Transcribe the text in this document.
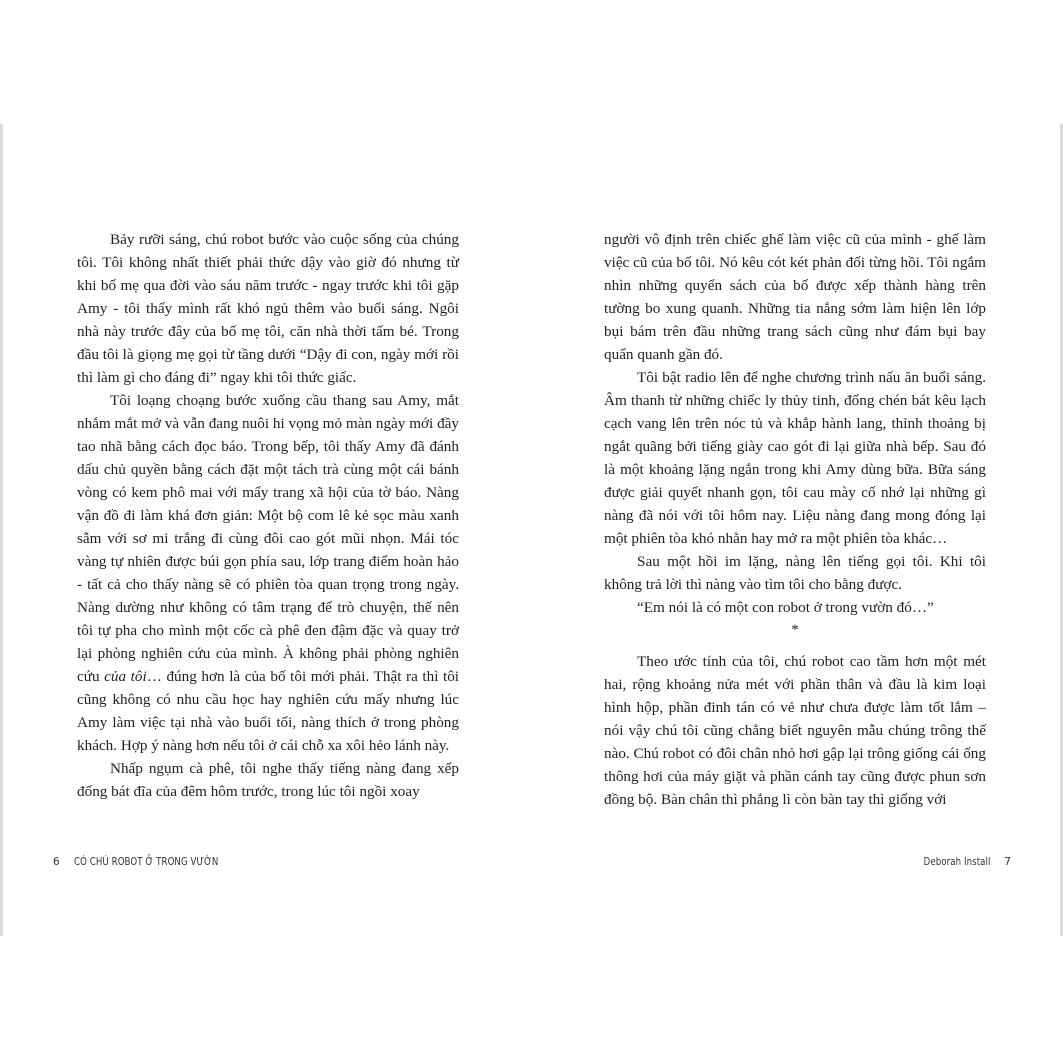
Bảy rưỡi sáng, chú robot bước vào cuộc sống của chúng tôi. Tôi không nhất thiết phải thức dậy vào giờ đó nhưng từ khi bố mẹ qua đời vào sáu năm trước - ngay trước khi tôi gặp Amy - tôi thấy mình rất khó ngủ thêm vào buổi sáng. Ngôi nhà này trước đây của bố mẹ tôi, căn nhà thời tấm bé. Trong đầu tôi là giọng mẹ gọi từ tầng dưới “Dậy đi con, ngày mới rồi thì làm gì cho đáng đi” ngay khi tôi thức giấc.

Tôi loạng choạng bước xuống cầu thang sau Amy, mắt nhắm mắt mở và vẫn đang nuôi hi vọng mỏ màn ngày mới đầy tao nhã bằng cách đọc báo. Trong bếp, tôi thấy Amy đã đánh dấu chủ quyền bằng cách đặt một tách trà cùng một cái bánh vòng có kem phô mai với mấy trang xã hội của tờ báo. Nàng vận đồ đi làm khá đơn giản: Một bộ com lê kẻ sọc màu xanh sẫm với sơ mi trắng đi cùng đôi cao gót mũi nhọn. Mái tóc vàng tự nhiên được búi gọn phía sau, lớp trang điểm hoàn hảo - tất cả cho thấy nàng sẽ có phiên tòa quan trọng trong ngày. Nàng dường như không có tâm trạng để trò chuyện, thế nên tôi tự pha cho mình một cốc cà phê đen đậm đặc và quay trở lại phòng nghiên cứu của mình. À không phải phòng nghiên cứu của tôi… đúng hơn là của bố tôi mới phải. Thật ra thì tôi cũng không có nhu cầu học hay nghiên cứu mấy nhưng lúc Amy làm việc tại nhà vào buổi tối, nàng thích ở trong phòng khách. Hợp ý nàng hơn nếu tôi ở cái chỗ xa xôi hẻo lánh này.

Nhấp ngụm cà phê, tôi nghe thấy tiếng nàng đang xếp đống bát đĩa của đêm hôm trước, trong lúc tôi ngồi xoay

người vô định trên chiếc ghế làm việc cũ của mình - ghế làm việc cũ của bố tôi. Nó kêu cót két phản đối từng hồi. Tôi ngắm nhìn những quyển sách của bố được xếp thành hàng trên tường bo xung quanh. Những tia nắng sớm làm hiện lên lớp bụi bám trên đầu những trang sách cũng như đám bụi bay quẩn quanh gần đó.

Tôi bật radio lên để nghe chương trình nấu ăn buổi sáng. Âm thanh từ những chiếc ly thủy tinh, đống chén bát kêu lạch cạch vang lên trên nóc tủ và khắp hành lang, thỉnh thoảng bị ngắt quãng bởi tiếng giày cao gót đi lại giữa nhà bếp. Sau đó là một khoảng lặng ngắn trong khi Amy dùng bữa. Bữa sáng được giải quyết nhanh gọn, tôi cau mày cố nhớ lại những gì nàng đã nói với tôi hôm nay. Liệu nàng đang mong đóng lại một phiên tòa khó nhằn hay mở ra một phiên tòa khác…

Sau một hồi im lặng, nàng lên tiếng gọi tôi. Khi tôi không trả lời thì nàng vào tìm tôi cho bằng được.

“Em nói là có một con robot ở trong vườn đó…”

*

Theo ước tính của tôi, chú robot cao tầm hơn một mét hai, rộng khoảng nửa mét với phần thân và đầu là kim loại hình hộp, phần đinh tán có vẻ như chưa được làm tốt lắm – nói vậy chú tôi cũng chẳng biết nguyên mẫu chúng trông thế nào. Chú robot có đôi chân nhỏ hơi gập lại trông giống cái ống thông hơi của máy giặt và phần cánh tay cũng được phun sơn đồng bộ. Bàn chân thì phẳng lì còn bàn tay thì giống với

6 CÓ CHÚ ROBOT Ở TRONG VƯỜN	Deborah Install 7
